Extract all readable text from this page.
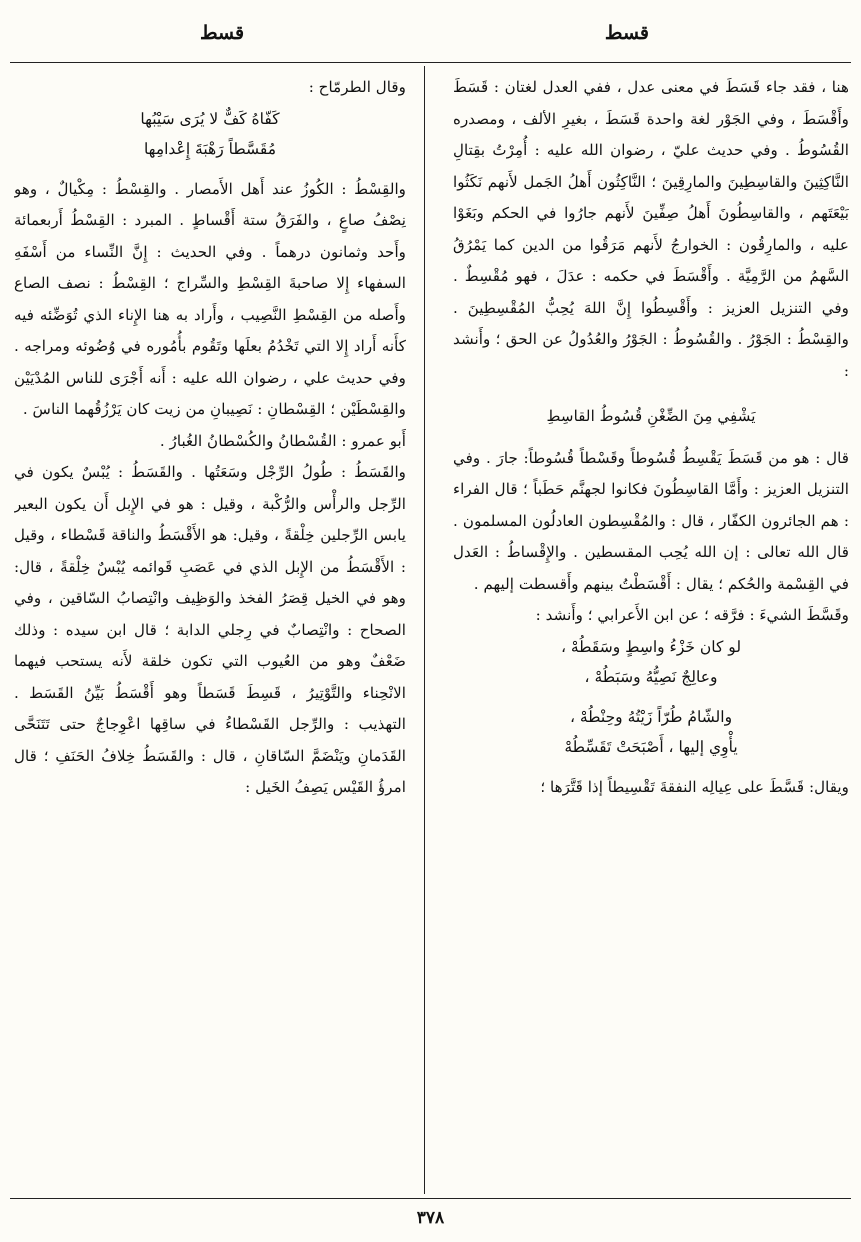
قسط
قسط

هنا ، فقد جاء قَسَطَ في معنى عدل ، ففي العدل لغتان : قَسَطَ وأَقْسَطَ ، وفي الجَوْر لغة واحدة قَسَطَ ، بغيرِ الألف ، ومصدره القُسُوطُ . وفي حديث عليّ ، رضوان الله عليه : أُمِرْتُ بقِتالِ النَّاكِثِينَ والقاسِطِينَ والمارِقِينَ ؛ النَّاكِثُون أَهلُ الجَمل لأَنهم نَكَثُوا بَيْعَتَهم ، والقاسِطُونَ أَهلُ صِفِّينَ لأَنهم جارُوا في الحكم وبَغَوْا عليه ، والمارِقُون : الخوارجُ لأَنهم مَرَقُوا من الدين كما يَمْرُقُ السَّهمُ من الرَّمِيَّة . وأَقْسَطَ في حكمه : عدَلَ ، فهو مُقْسِطٌ . وفي التنزيل العزيز : وأَقْسِطُوا إِنَّ اللهَ يُحِبُّ المُقْسِطِينَ . والقِسْطُ : الجَوْرُ . والقُسُوطُ : الجَوْرُ والعُدُولُ عن الحق ؛ وأَنشد :

يَشْفِي مِنَ الضِّغْنِ قُسُوطُ القاسِطِ

قال : هو من قَسَطَ يَقْسِطُ قُسُوطاً وقَسْطاً قُسُوطاً: جارَ . وفي التنزيل العزيز : وأَمَّا القاسِطُونَ فكانوا لجهنَّم حَطَباً ؛ قال الفراء : هم الجائرون الكفّار ، قال : والمُقْسِطون العادلُون المسلمون . قال الله تعالى : إن الله يُحِب المقسطين . والإِقْساطُ : العَدل في القِسْمة والحُكم ؛ يقال : أَقْسَطْتُ بينهم وأَقسطت إليهم .

وقَسَّطَ الشيءَ : فرَّقه ؛ عن ابن الأَعرابي ؛ وأَنشد :

لو كان خَزْءُ واسِطٍ وسَقَطُهْ ،
وعالِجٌ نَصِيُّهُ وسَبَطُهْ ،
والشّامُ طُرّاً زَيْتُهُ وحِنْطُهْ ،
يأْوِي إليها ، أَصْبَحَتْ تَقَسِّطُهْ

ويقال: قَسَّطَ على عِيالِه النفقةَ تَقْسِيطاً إذا قَتَّرَها ؛

وقال الطرمّاح :

كَفّاهُ كَفٌّ لا يُرَى سَيْبُها
مُقَسَّطاً رَهْبَةَ إِعْدامِها

والقِسْطُ : الكُوزُ عند أَهل الأَمصار . والقِسْطُ : مِكْيالٌ ، وهو نِصْفُ صاعٍ ، والفَرَقُ ستة أَقْساطٍ . المبرد : القِسْطُ أَربعمائة وأَحد وثمانون درهماً . وفي الحديث : إِنَّ النِّساء من أَسْفَهِ السفهاء إِلا صاحبةَ القِسْطِ والسِّراج ؛ القِسْطُ : نصف الصاع وأَصله من القِسْطِ النَّصِيب ، وأَراد به هنا الإِناء الذي تُوَضِّئه فيه كأَنه أَراد إِلا التي تَخْدُمُ بعلَها وتَقُوم بأُمُوره في وُضُوئه ومراجه . وفي حديث علي ، رضوان الله عليه : أَنه أَجْرَى للناس المُدْيَيْن والقِسْطَيْن ؛ القِسْطانِ : نَصِيبانِ من زيت كان يَرْزُقُهما الناسَ .

أَبو عمرو : القُسْطانُ والكُسْطانُ الغُبارُ .

والقَسَطُ : طُولُ الرِّجْل وسَعَتُها . والقَسَطُ : يُبْسٌ يكون في الرِّجل والرأْس والرُّكْبة ، وقيل : هو في الإِبل أَن يكون البعير يابس الرِّجلين خِلْقةً ، وقيل: هو الأَقْسَطُ والناقة قَسْطاء ، وقيل : الأَقْسَطُ من الإِبل الذي في عَصَبِ قَوائمه يُبْسٌ خِلْقةً ، قال: وهو في الخيل قِصَرُ الفخذ والوَظِيف وانْتِصابُ السّاقين ، وفي الصحاح : وانْتِصابٌ في رِجلي الدابة ؛ قال ابن سيده : وذلك ضَعْفٌ وهو من العُيوب التي تكون خلقة لأَنه يستحب فيهما الانْحِناء والتَّوْتِيرُ ، قَسِطَ قَسَطاً وهو أَقْسَطُ بَيِّنُ القَسَط . التهذيب : والرِّجل القَسْطاءُ في ساقِها اعْوِجاجٌ حتى تَتَنَحَّى القَدَمانِ ويَنْضَمَّ السّاقانِ ، قال : والقَسَطُ خِلافُ الحَنَفِ ؛ قال امرؤُ القَيْس يَصِفُ الخَيل :

٣٧٨
